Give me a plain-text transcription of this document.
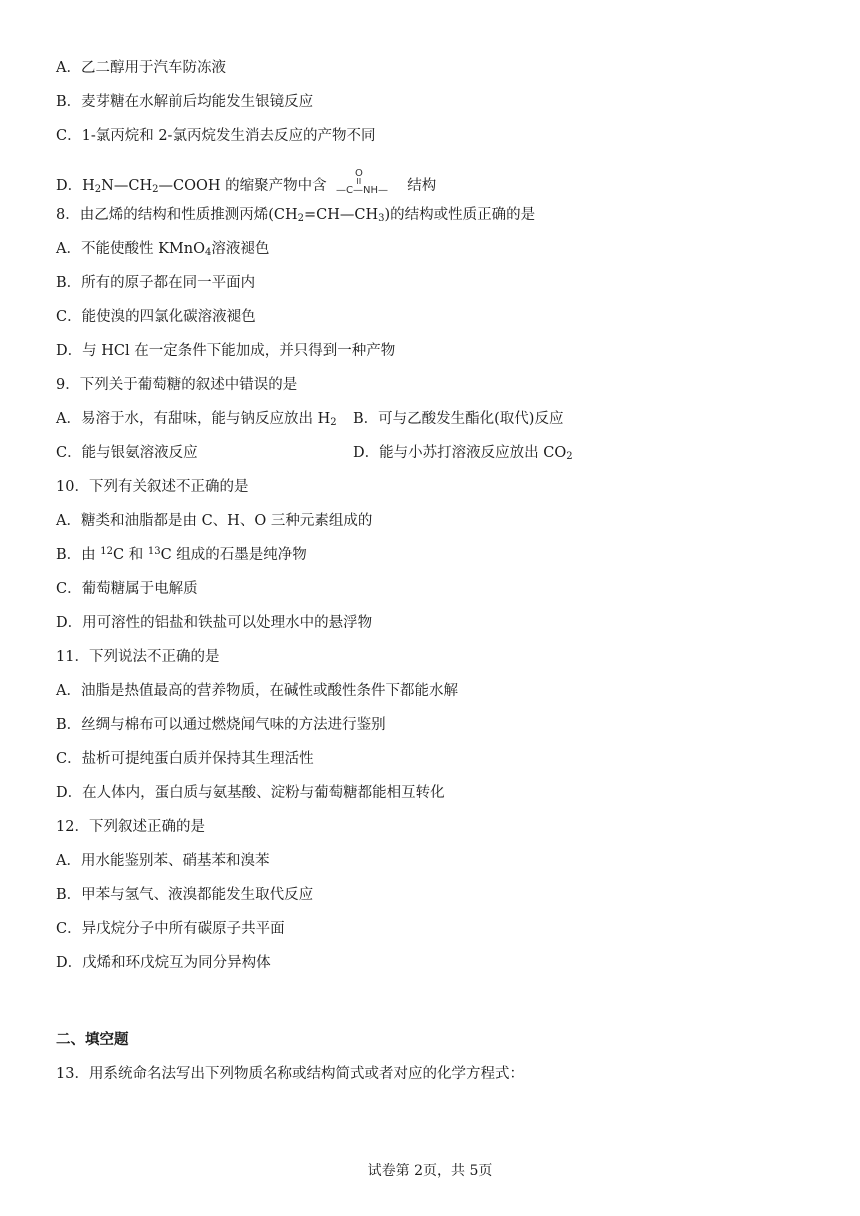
A．乙二醇用于汽车防冻液
B．麦芽糖在水解前后均能发生银镜反应
C．1-氯丙烷和 2-氯丙烷发生消去反应的产物不同
D．$H_2N—CH_2—COOH$ 的缩聚产物中含
O
—C—NH— 结构
8．由乙烯的结构和性质推测丙烯$(CH_2=CH—CH_3)$的结构或性质正确的是
A．不能使酸性 KMnO$_4$溶液褪色
B．所有的原子都在同一平面内
C．能使溴的四氯化碳溶液褪色
D．与 HCl 在一定条件下能加成，并只得到一种产物
9．下列关于葡萄糖的叙述中错误的是
A．易溶于水，有甜味，能与钠反应放出 $H_2$ B．可与乙酸发生酯化(取代)反应
C．能与银氨溶液反应	D．能与小苏打溶液反应放出 $CO_2$
10．下列有关叙述不正确的是
A．糖类和油脂都是由 C、H、O 三种元素组成的
B．由 $^{12}$C 和 $^{13}$C 组成的石墨是纯净物
C．葡萄糖属于电解质
D．用可溶性的铝盐和铁盐可以处理水中的悬浮物
11．下列说法不正确的是
A．油脂是热值最高的营养物质，在碱性或酸性条件下都能水解
B．丝绸与棉布可以通过燃烧闻气味的方法进行鉴别
C．盐析可提纯蛋白质并保持其生理活性
D．在人体内，蛋白质与氨基酸、淀粉与葡萄糖都能相互转化
12．下列叙述正确的是
A．用水能鉴别苯、硝基苯和溴苯
B．甲苯与氢气、液溴都能发生取代反应
C．异戊烷分子中所有碳原子共平面
D．戊烯和环戊烷互为同分异构体
二、填空题
13．用系统命名法写出下列物质名称或结构简式或者对应的化学方程式：
试卷第 2页，共 5页
